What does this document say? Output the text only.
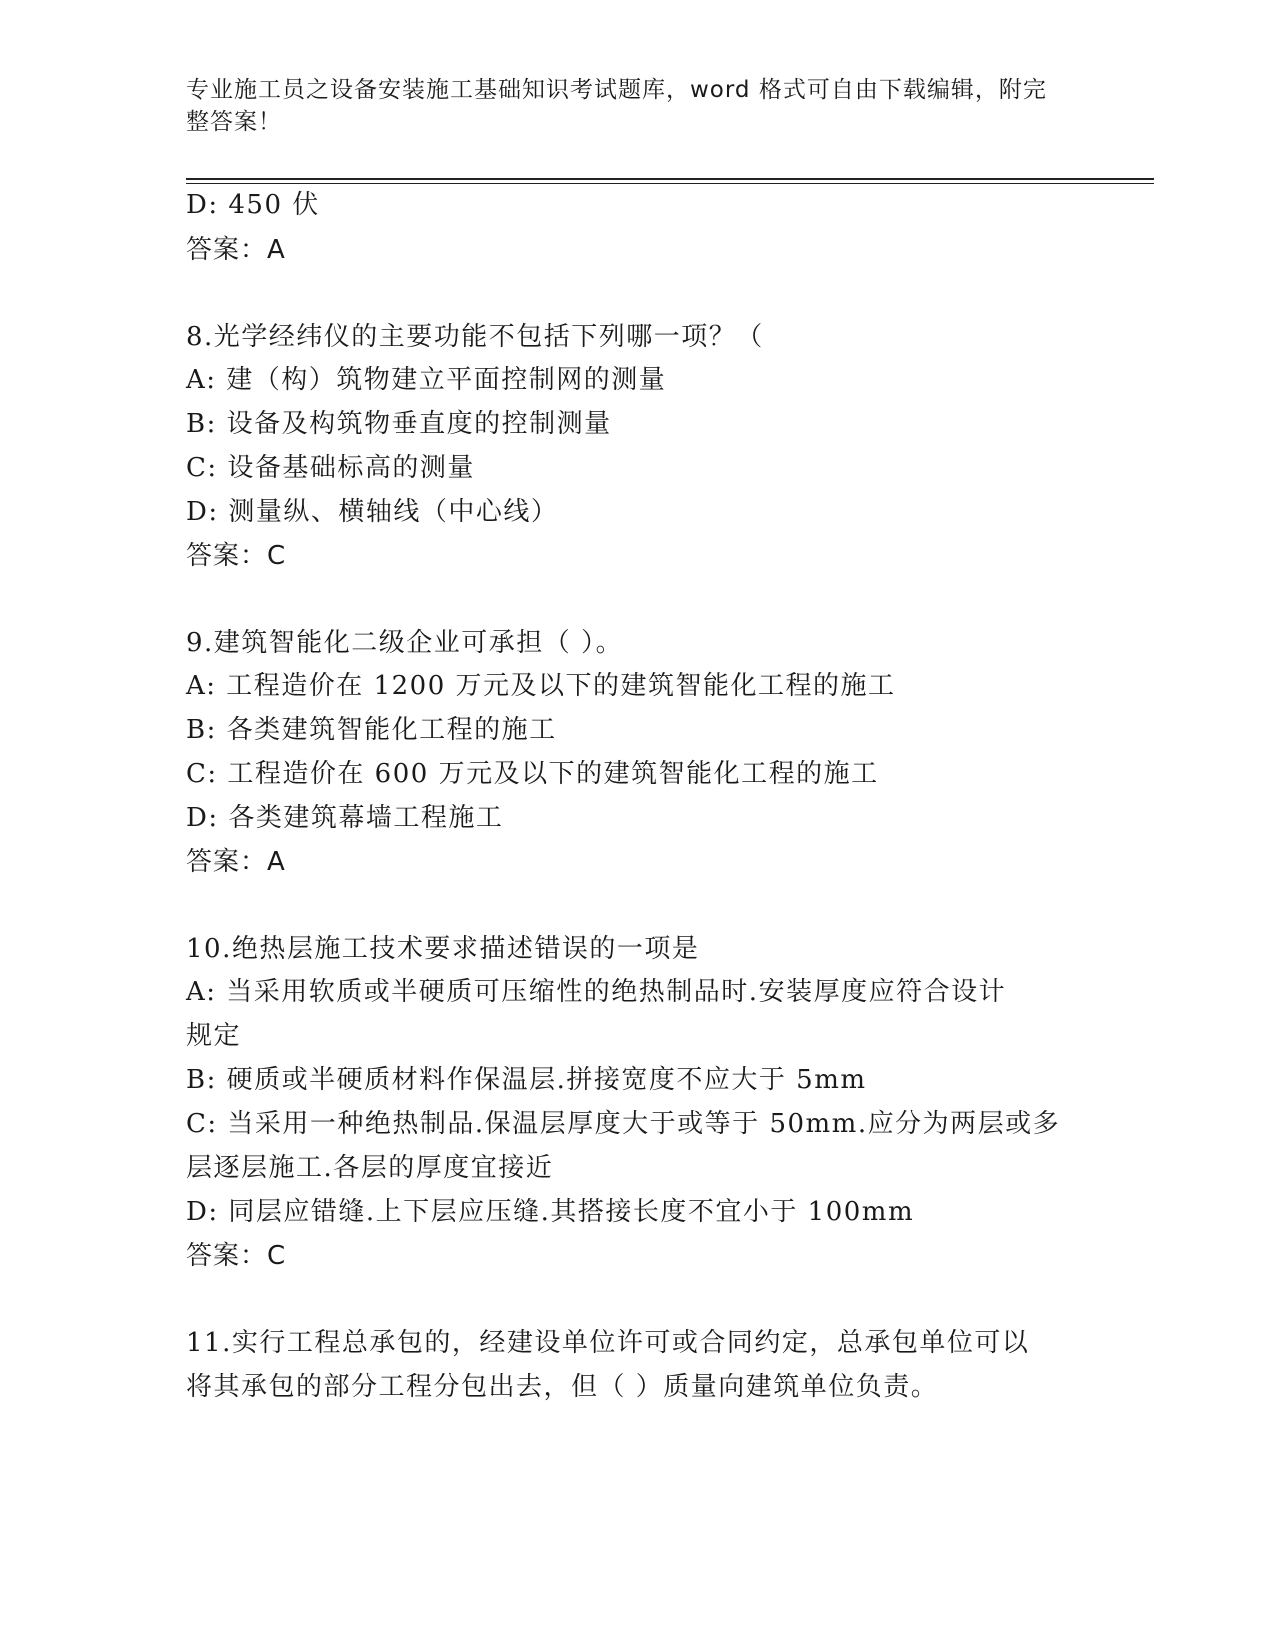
专业施工员之设备安装施工基础知识考试题库，word 格式可自由下载编辑，附完
整答案！
D: 450 伏
答案：A
8.光学经纬仪的主要功能不包括下列哪一项？（
A: 建（构）筑物建立平面控制网的测量
B: 设备及构筑物垂直度的控制测量
C: 设备基础标高的测量
D: 测量纵、横轴线（中心线）
答案：C
9.建筑智能化二级企业可承担（ ）。
A: 工程造价在 1200 万元及以下的建筑智能化工程的施工
B: 各类建筑智能化工程的施工
C: 工程造价在 600 万元及以下的建筑智能化工程的施工
D: 各类建筑幕墙工程施工
答案：A
10.绝热层施工技术要求描述错误的一项是
A: 当采用软质或半硬质可压缩性的绝热制品时.安装厚度应符合设计
规定
B: 硬质或半硬质材料作保温层.拼接宽度不应大于 5mm
C: 当采用一种绝热制品.保温层厚度大于或等于 50mm.应分为两层或多
层逐层施工.各层的厚度宜接近
D: 同层应错缝.上下层应压缝.其搭接长度不宜小于 100mm
答案：C
11.实行工程总承包的，经建设单位许可或合同约定，总承包单位可以
将其承包的部分工程分包出去，但（ ）质量向建筑单位负责。
